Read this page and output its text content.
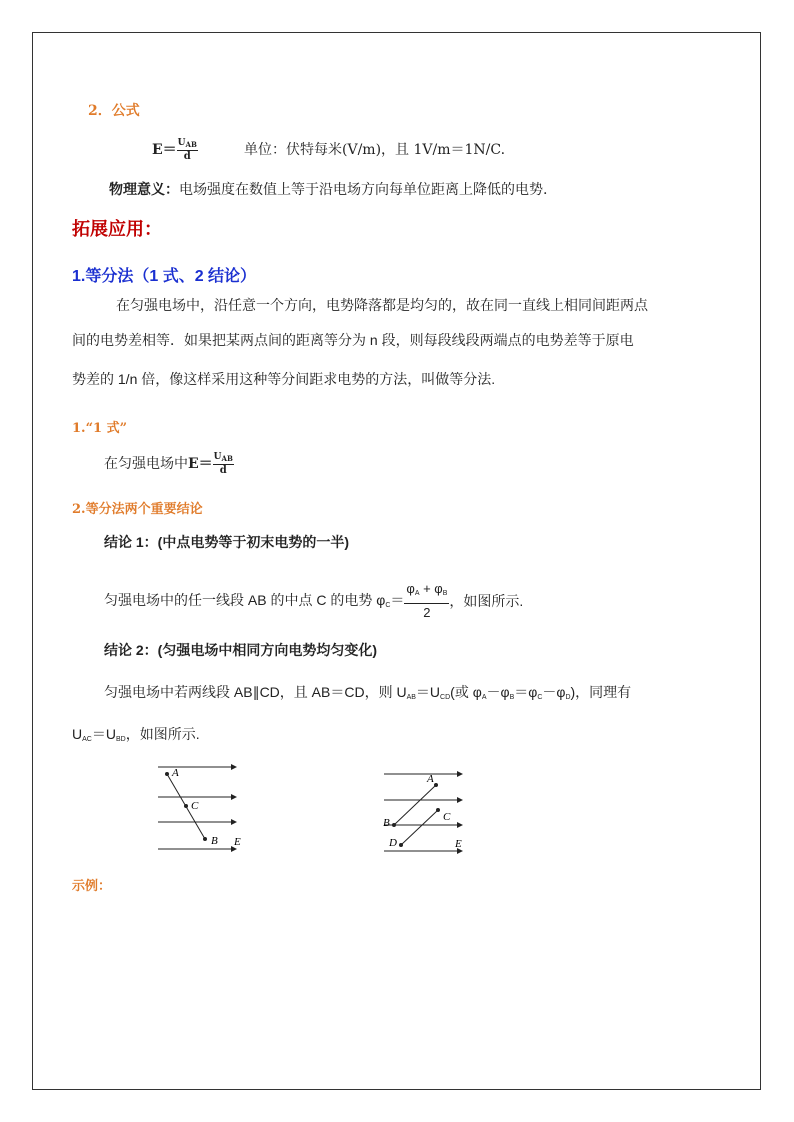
2．公式
$E= \frac{U_{AB}}{d}$	单位：伏特每米(V/m)，且 1V/m＝1N/C.
物理意义：电场强度在数值上等于沿电场方向每单位距离上降低的电势.
拓展应用：
1.等分法（1 式、2 结论）
在匀强电场中，沿任意一个方向，电势降落都是均匀的，故在同一直线上相同间距两点
间的电势差相等．如果把某两点间的距离等分为 n 段，则每段线段两端点的电势差等于原电
势差的 1/n 倍，像这样采用这种等分间距求电势的方法，叫做等分法.
1.“1 式”
在匀强电场中$E= \frac{U_{AB}}{d}$
2.等分法两个重要结论
结论 1：(中点电势等于初末电势的一半)
匀强电场中的任一线段 AB 的中点 C 的电势 $\varphi_C= \frac{\varphi_A + \varphi_B}{2}$ ，如图所示.
结论 2：(匀强电场中相同方向电势均匀变化)
匀强电场中若两线段 AB∥CD，且 AB＝CD，则 $U_{AB}=U_{CD}$(或 $\varphi_A-\varphi_B=\varphi_C-\varphi_D$)，同理有
$U_{AC}=U_{BD}$，如图所示.
A
C
B E
A
B	C
D	E
示例：
